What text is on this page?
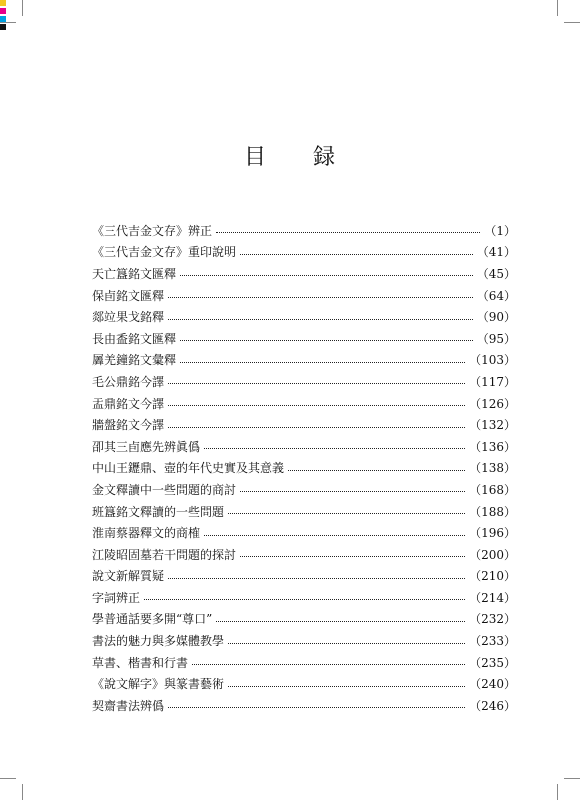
目 録
《三代吉金文存》辨正	（1）
《三代吉金文存》重印說明	（41）
天亡簋銘文匯釋	（45）
保卣銘文匯釋	（64）
郯竝果戈銘釋	（90）
長由盉銘文匯釋	（95）
羼羌鐘銘文彙釋	（103）
毛公鼎銘今譯	（117）
盂鼎銘文今譯	（126）
牆盤銘文今譯	（132）
卲其三卣應先辨眞僞	（136）
中山王䥶鼎、壺的年代史實及其意義	（138）
金文釋讀中一些問題的商討	（168）
班簋銘文釋讀的一些問題	（188）
淮南蔡器釋文的商榷	（196）
江陵昭固墓若干問題的探討	（200）
說文新解質疑	（210）
字詞辨正	（214）
學普通話要多開“尊口”	（232）
書法的魅力與多媒體教學	（233）
草書、楷書和行書	（235）
《說文解字》與篆書藝術	（240）
契齋書法辨僞	（246）
